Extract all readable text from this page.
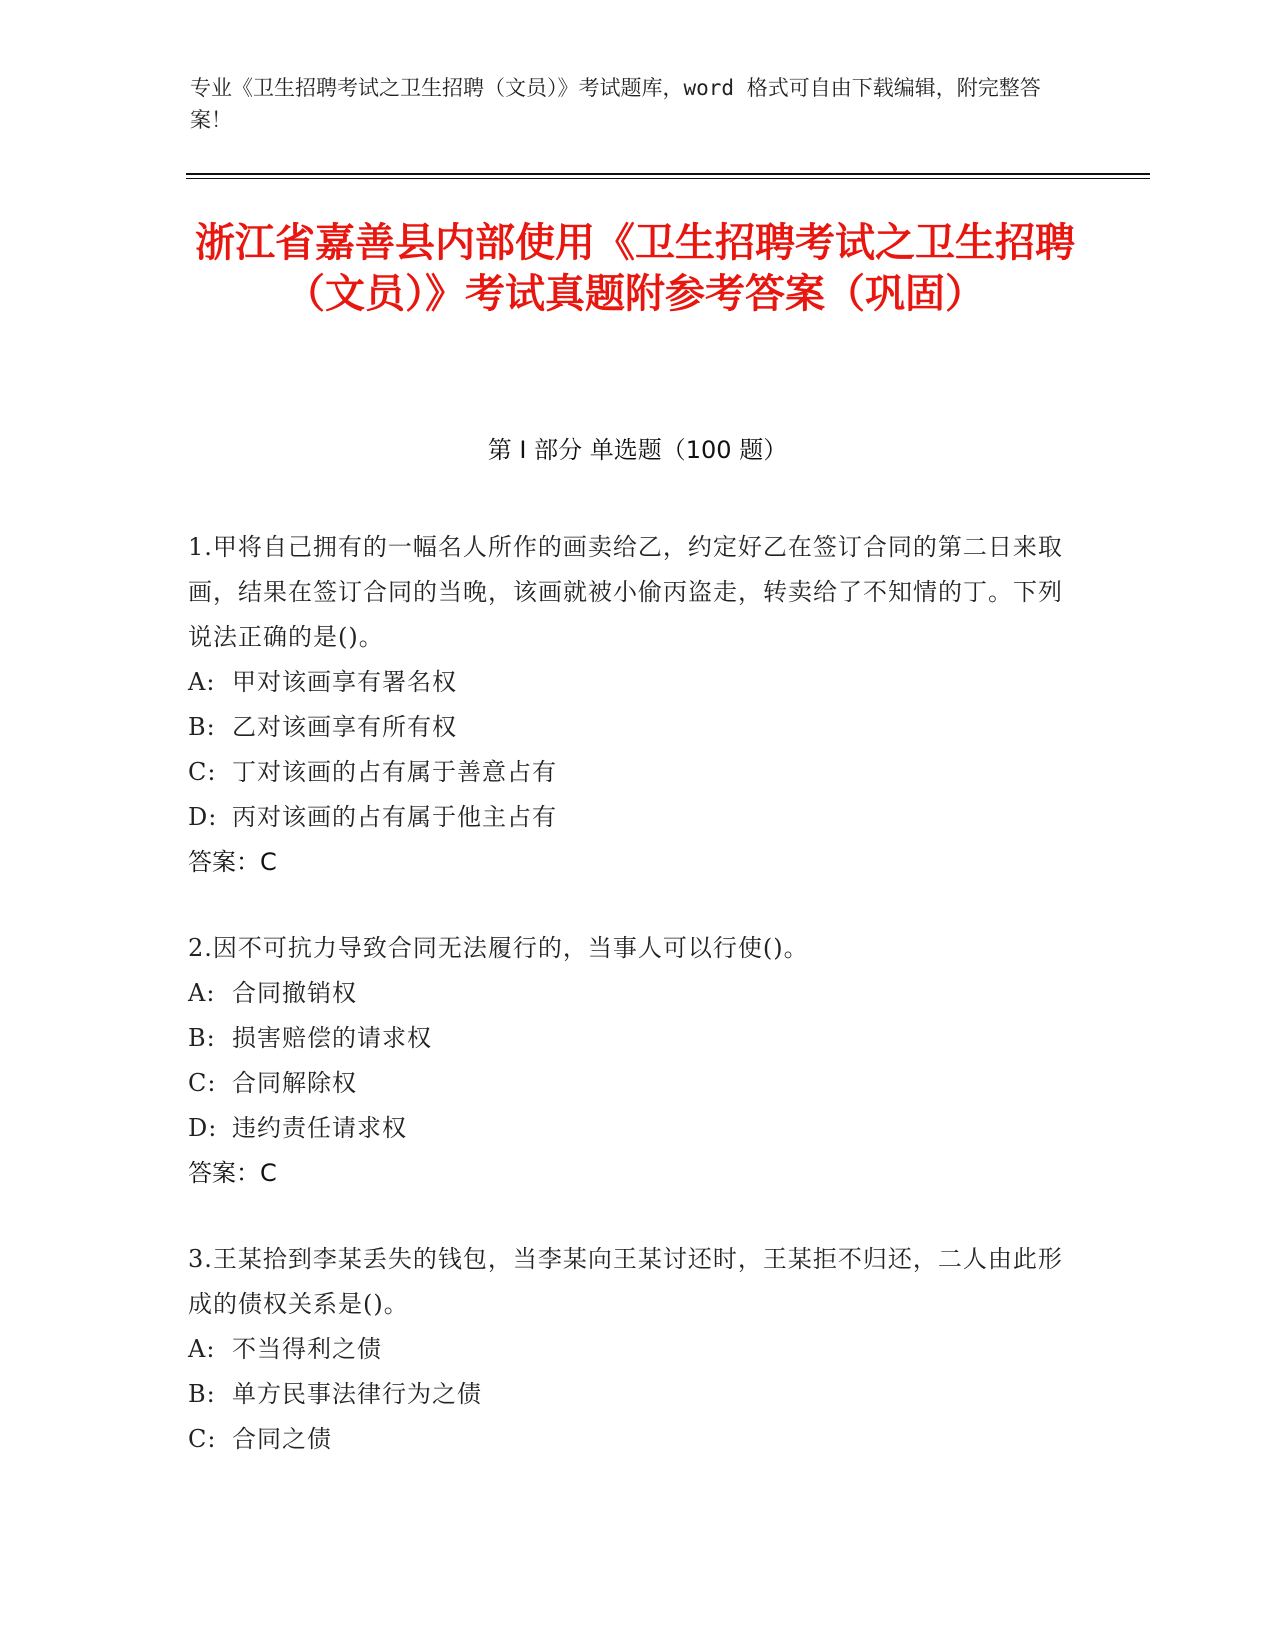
专业《卫生招聘考试之卫生招聘（文员）》考试题库，word 格式可自由下载编辑，附完整答案！
浙江省嘉善县内部使用《卫生招聘考试之卫生招聘（文员）》考试真题附参考答案（巩固）
第 I 部分 单选题（100 题）
1.甲将自己拥有的一幅名人所作的画卖给乙，约定好乙在签订合同的第二日来取画，结果在签订合同的当晚，该画就被小偷丙盗走，转卖给了不知情的丁。下列说法正确的是()。
A: 甲对该画享有署名权
B: 乙对该画享有所有权
C: 丁对该画的占有属于善意占有
D: 丙对该画的占有属于他主占有
答案：C
2.因不可抗力导致合同无法履行的，当事人可以行使()。
A: 合同撤销权
B: 损害赔偿的请求权
C: 合同解除权
D: 违约责任请求权
答案：C
3.王某拾到李某丢失的钱包，当李某向王某讨还时，王某拒不归还，二人由此形成的债权关系是()。
A: 不当得利之债
B: 单方民事法律行为之债
C: 合同之债
